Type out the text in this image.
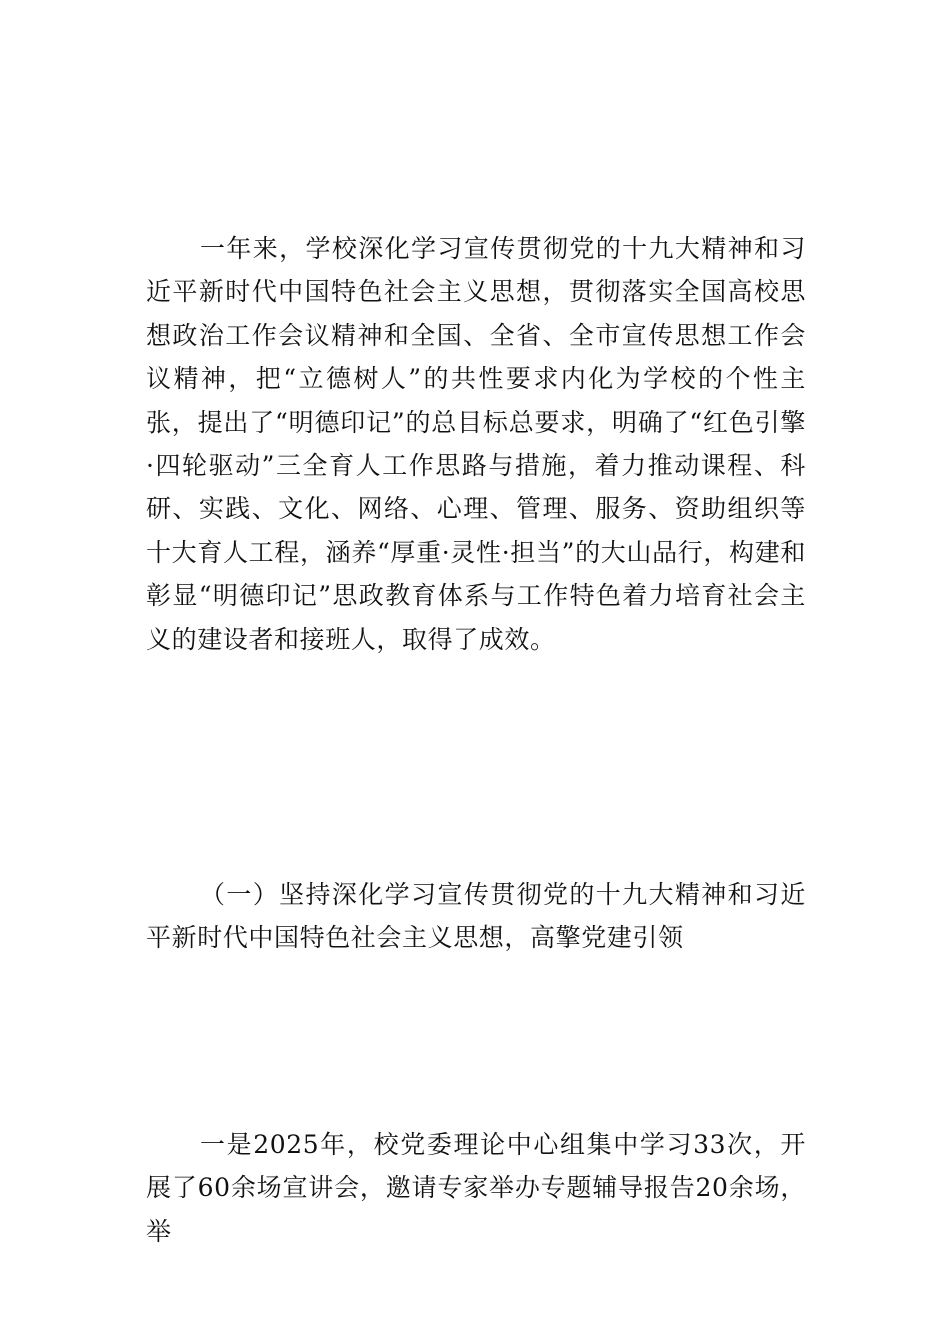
一年来，学校深化学习宣传贯彻党的十九大精神和习近平新时代中国特色社会主义思想，贯彻落实全国高校思想政治工作会议精神和全国、全省、全市宣传思想工作会议精神，把“立德树人”的共性要求内化为学校的个性主张，提出了“明德印记”的总目标总要求，明确了“红色引擎·四轮驱动”三全育人工作思路与措施，着力推动课程、科研、实践、文化、网络、心理、管理、服务、资助组织等十大育人工程，涵养“厚重·灵性·担当”的大山品行，构建和彰显“明德印记”思政教育体系与工作特色着力培育社会主义的建设者和接班人，取得了成效。

（一）坚持深化学习宣传贯彻党的十九大精神和习近平新时代中国特色社会主义思想，高擎党建引领

一是2025年，校党委理论中心组集中学习33次，开展了60余场宣讲会，邀请专家举办专题辅导报告20余场，举
